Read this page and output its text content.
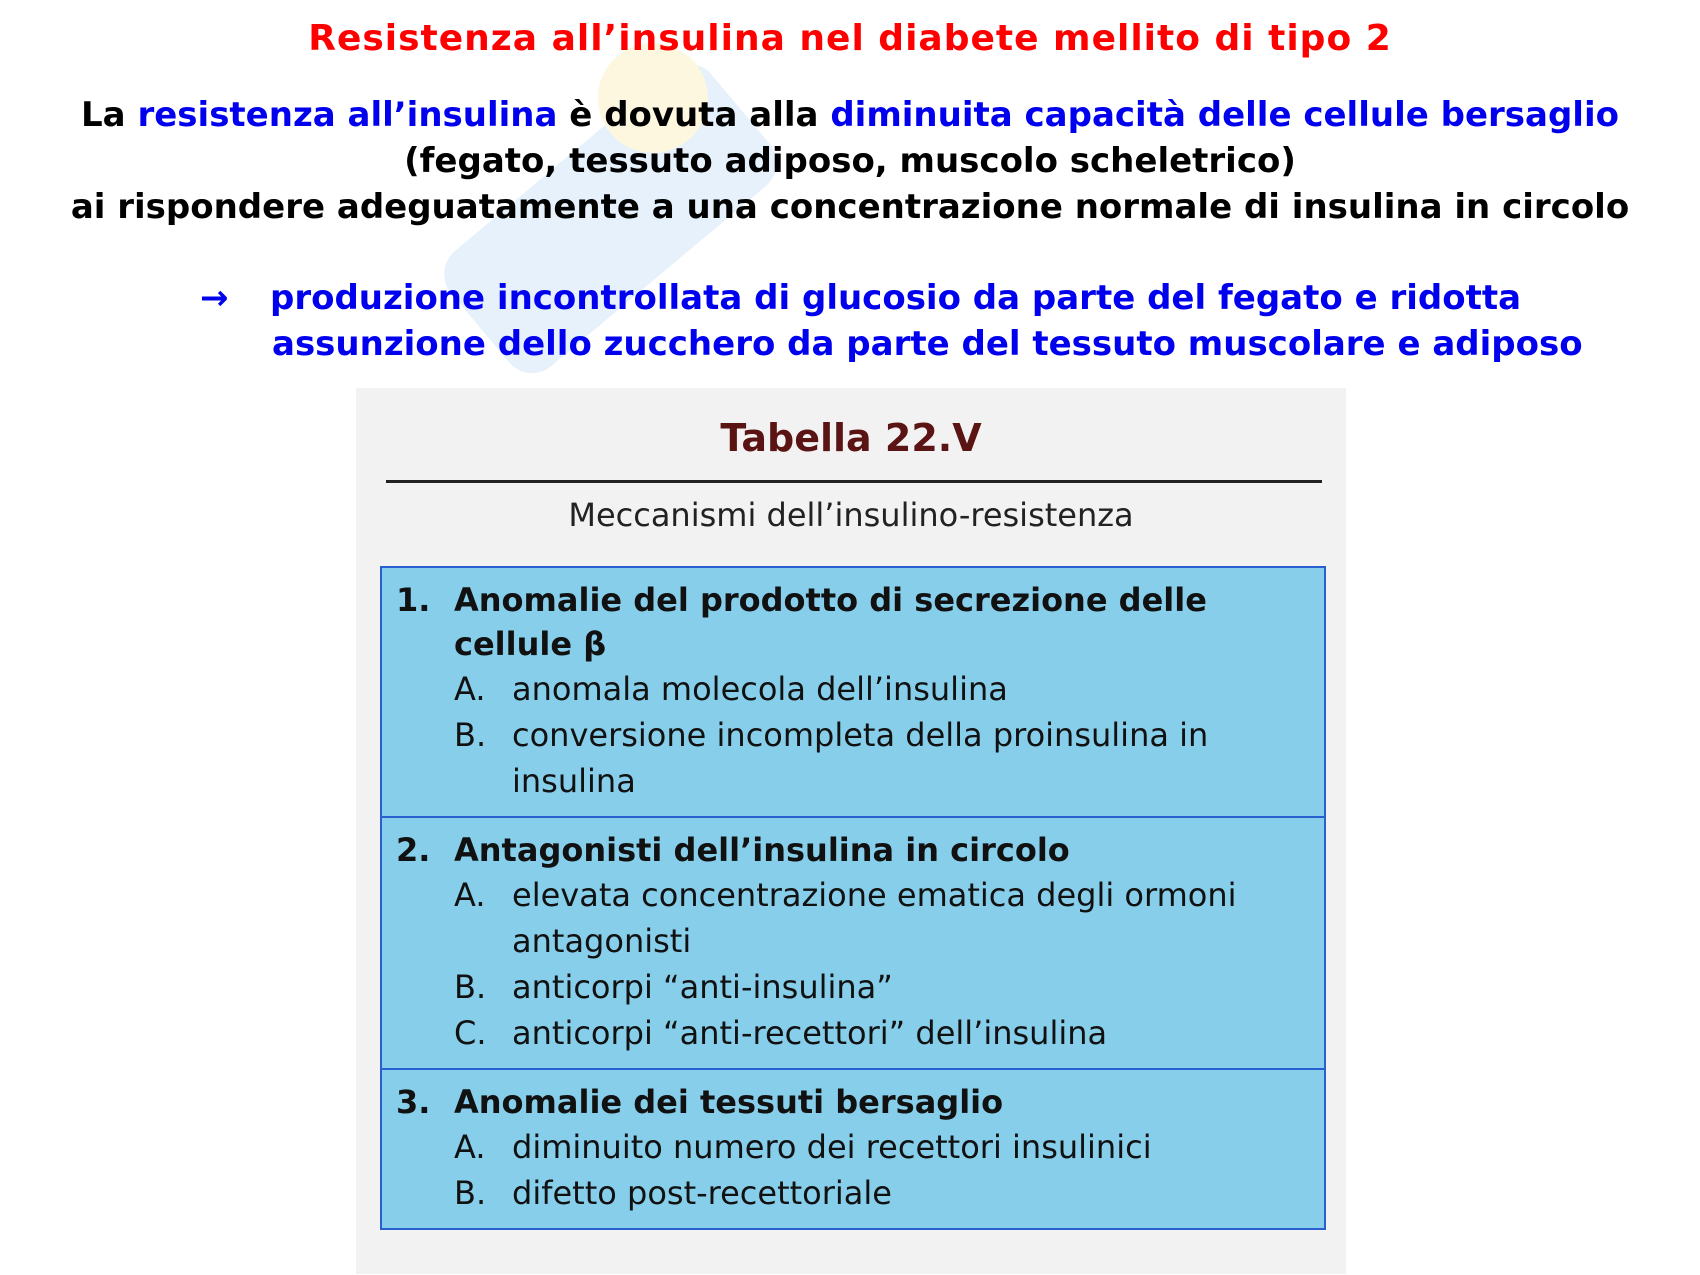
Resistenza all’insulina nel diabete mellito di tipo 2
La resistenza all’insulina è dovuta alla diminuita capacità delle cellule bersaglio
(fegato, tessuto adiposo, muscolo scheletrico)
ai rispondere adeguatamente a una concentrazione normale di insulina in circolo
→ produzione incontrollata di glucosio da parte del fegato e ridotta
assunzione dello zucchero da parte del tessuto muscolare e adiposo
Tabella 22.V
Meccanismi dell’insulino-resistenza
1. Anomalie del prodotto di secrezione delle cellule β
A. anomala molecola dell’insulina
B. conversione incompleta della proinsulina in insulina
2. Antagonisti dell’insulina in circolo
A. elevata concentrazione ematica degli ormoni antagonisti
B. anticorpi “anti-insulina”
C. anticorpi “anti-recettori” dell’insulina
3. Anomalie dei tessuti bersaglio
A. diminuito numero dei recettori insulinici
B. difetto post-recettoriale
